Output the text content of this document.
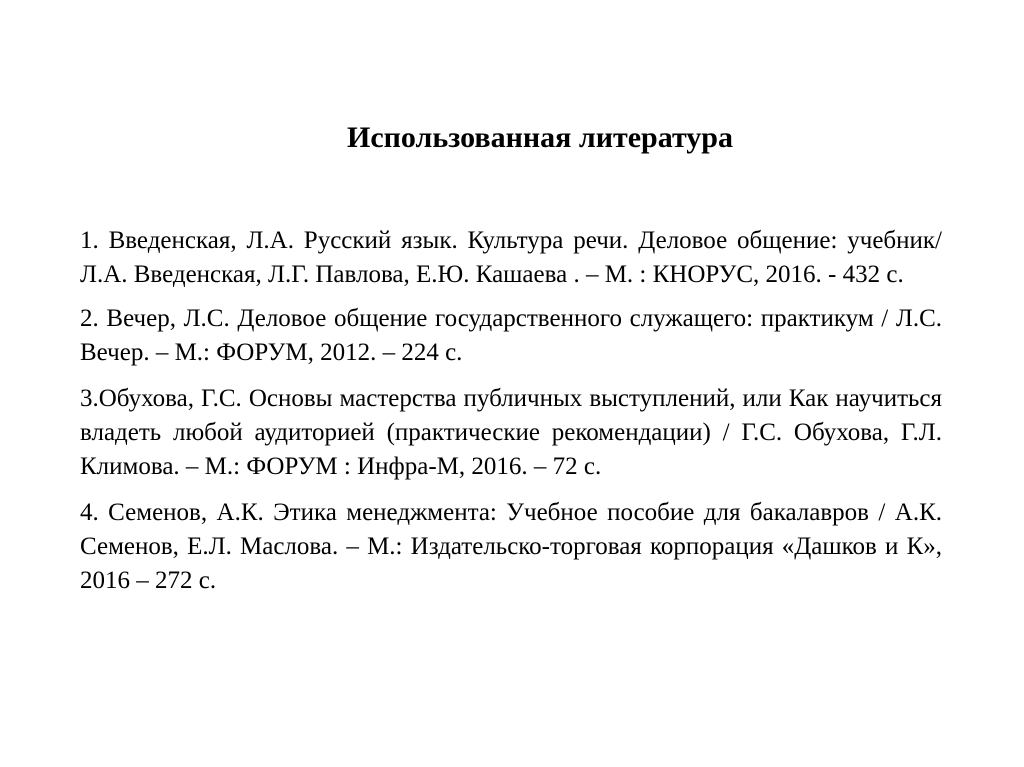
Использованная литература
1. Введенская, Л.А. Русский язык. Культура речи. Деловое общение: учебник/ Л.А. Введенская, Л.Г. Павлова, Е.Ю. Кашаева . – М. : КНОРУС, 2016. - 432 с.
2. Вечер, Л.С. Деловое общение государственного служащего: практикум / Л.С. Вечер. – М.: ФОРУМ, 2012. – 224 с.
3.Обухова, Г.С. Основы мастерства публичных выступлений, или Как научиться владеть любой аудиторией (практические рекомендации) / Г.С. Обухова, Г.Л. Климова. – М.: ФОРУМ : Инфра-М, 2016. – 72 с.
4. Семенов, А.К. Этика менеджмента: Учебное пособие для бакалавров / А.К. Семенов, Е.Л. Маслова. – М.: Издательско-торговая корпорация «Дашков и К», 2016 – 272 с.
